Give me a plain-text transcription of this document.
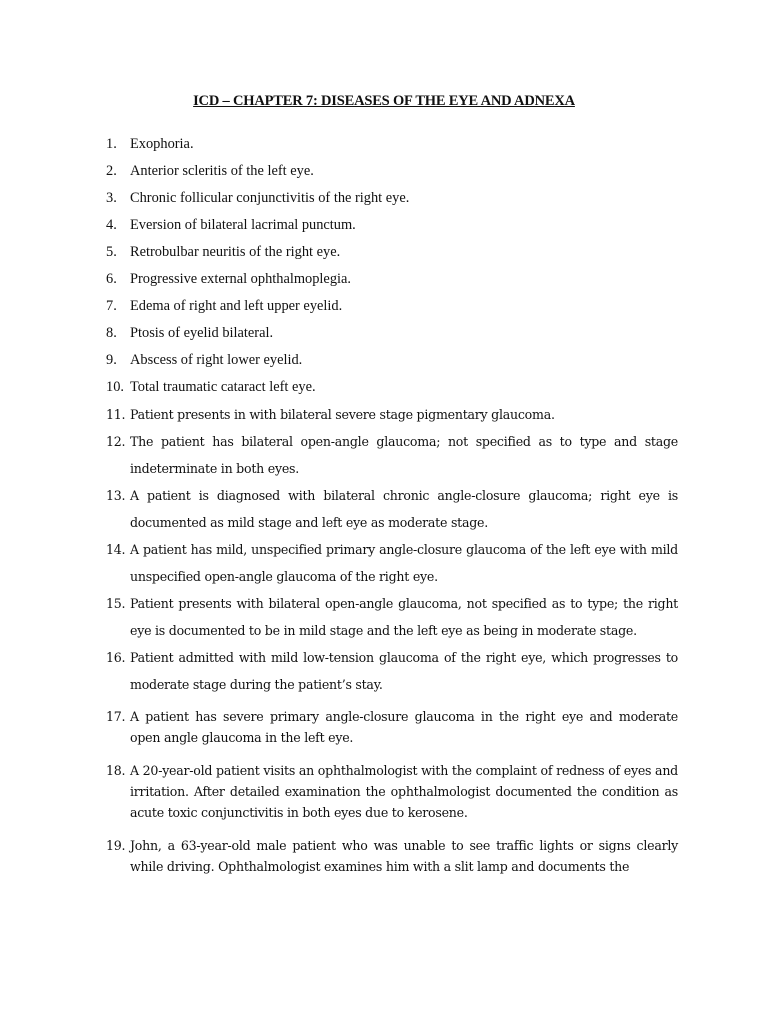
ICD – CHAPTER 7: DISEASES OF THE EYE AND ADNEXA
1. Exophoria.
2. Anterior scleritis of the left eye.
3. Chronic follicular conjunctivitis of the right eye.
4. Eversion of bilateral lacrimal punctum.
5. Retrobulbar neuritis of the right eye.
6. Progressive external ophthalmoplegia.
7. Edema of right and left upper eyelid.
8. Ptosis of eyelid bilateral.
9. Abscess of right lower eyelid.
10. Total traumatic cataract left eye.
11. Patient presents in with bilateral severe stage pigmentary glaucoma.
12. The patient has bilateral open-angle glaucoma; not specified as to type and stage indeterminate in both eyes.
13. A patient is diagnosed with bilateral chronic angle-closure glaucoma; right eye is documented as mild stage and left eye as moderate stage.
14. A patient has mild, unspecified primary angle-closure glaucoma of the left eye with mild unspecified open-angle glaucoma of the right eye.
15. Patient presents with bilateral open-angle glaucoma, not specified as to type; the right eye is documented to be in mild stage and the left eye as being in moderate stage.
16. Patient admitted with mild low-tension glaucoma of the right eye, which progresses to moderate stage during the patient’s stay.
17. A patient has severe primary angle-closure glaucoma in the right eye and moderate open angle glaucoma in the left eye.
18. A 20-year-old patient visits an ophthalmologist with the complaint of redness of eyes and irritation. After detailed examination the ophthalmologist documented the condition as acute toxic conjunctivitis in both eyes due to kerosene.
19. John, a 63-year-old male patient who was unable to see traffic lights or signs clearly while driving. Ophthalmologist examines him with a slit lamp and documents the
